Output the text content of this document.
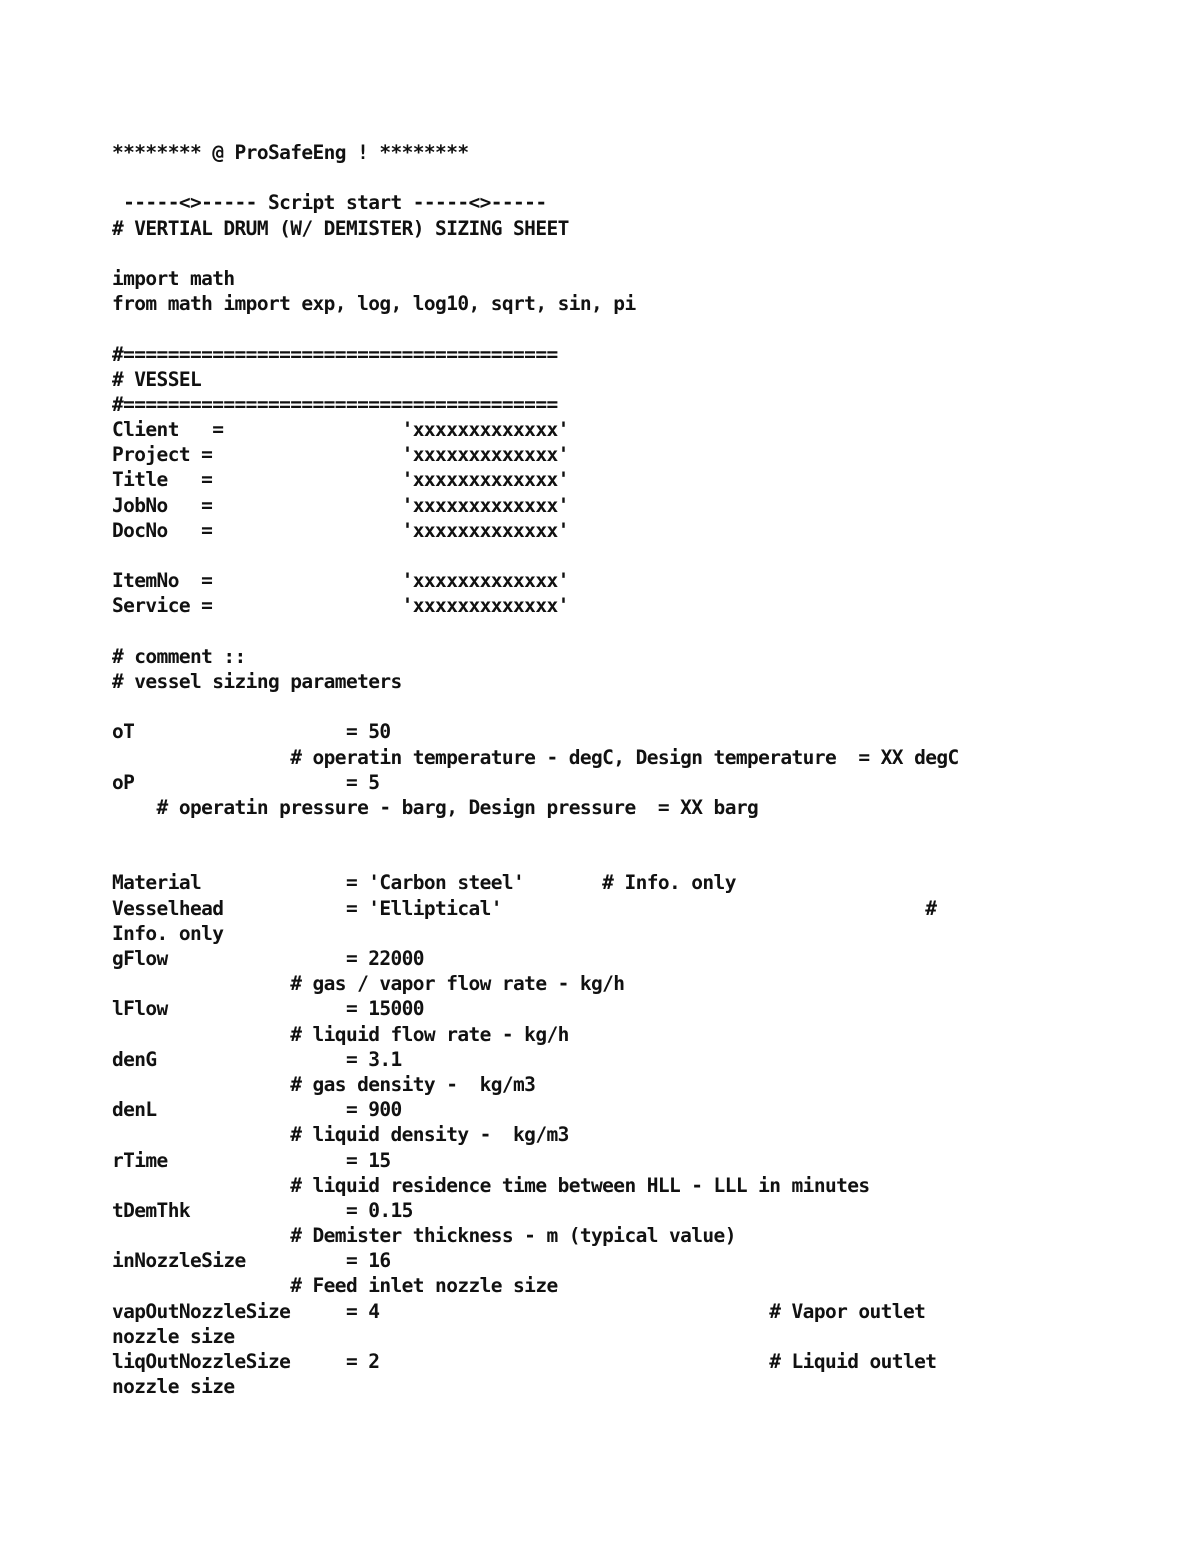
******** @ ProSafeEng ! ********
-----<>----- Script start -----<>-----
# VERTIAL DRUM (W/ DEMISTER) SIZING SHEET
import math
from math import exp, log, log10, sqrt, sin, pi
#=======================================
# VESSEL
#=======================================
Client   =                'xxxxxxxxxxxxx'
Project =                 'xxxxxxxxxxxxx'
Title   =                 'xxxxxxxxxxxxx'
JobNo   =                 'xxxxxxxxxxxxx'
DocNo   =                 'xxxxxxxxxxxxx'
ItemNo  =                 'xxxxxxxxxxxxx'
Service =                 'xxxxxxxxxxxxx'
# comment ::
# vessel sizing parameters
oT                   = 50
# operatin temperature - degC, Design temperature  = XX degC
oP                   = 5
# operatin pressure - barg, Design pressure  = XX barg
Material             = 'Carbon steel'       # Info. only
Vesselhead           = 'Elliptical'                                      #
Info. only
gFlow                = 22000
# gas / vapor flow rate - kg/h
lFlow                = 15000
# liquid flow rate - kg/h
denG                 = 3.1
# gas density -  kg/m3
denL                 = 900
# liquid density -  kg/m3
rTime                = 15
# liquid residence time between HLL - LLL in minutes
tDemThk              = 0.15
# Demister thickness - m (typical value)
inNozzleSize         = 16
# Feed inlet nozzle size
vapOutNozzleSize     = 4                                   # Vapor outlet
nozzle size
liqOutNozzleSize     = 2                                   # Liquid outlet
nozzle size
